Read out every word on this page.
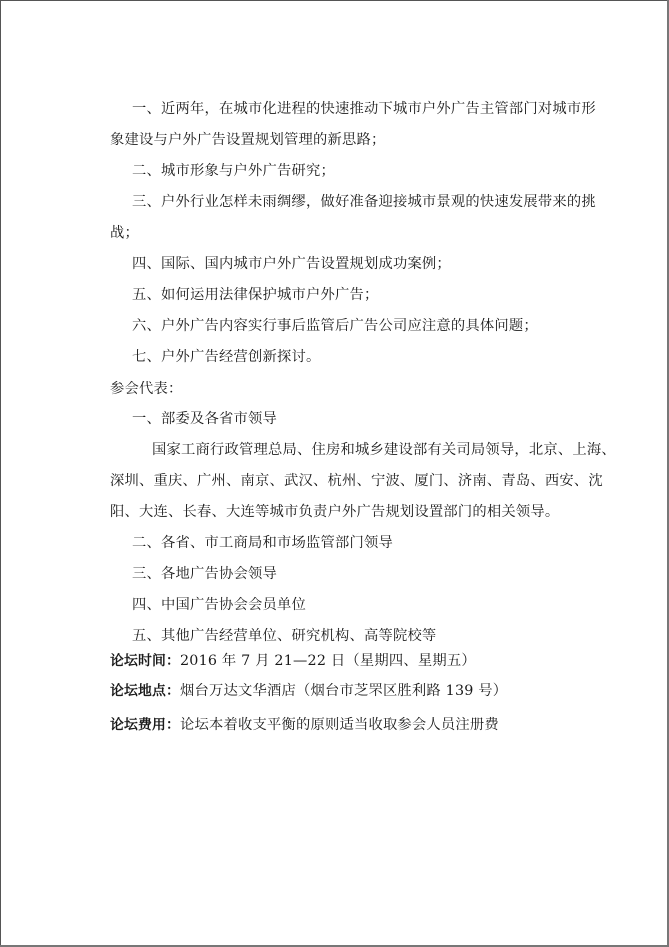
一、近两年，在城市化进程的快速推动下城市户外广告主管部门对城市形
象建设与户外广告设置规划管理的新思路；
二、城市形象与户外广告研究；
三、户外行业怎样未雨绸缪，做好准备迎接城市景观的快速发展带来的挑
战；
四、国际、国内城市户外广告设置规划成功案例；
五、如何运用法律保护城市户外广告；
六、户外广告内容实行事后监管后广告公司应注意的具体问题；
七、户外广告经营创新探讨。
参会代表：
一、部委及各省市领导
国家工商行政管理总局、住房和城乡建设部有关司局领导，北京、上海、
深圳、重庆、广州、南京、武汉、杭州、宁波、厦门、济南、青岛、西安、沈
阳、大连、长春、大连等城市负责户外广告规划设置部门的相关领导。
二、各省、市工商局和市场监管部门领导
三、各地广告协会领导
四、中国广告协会会员单位
五、其他广告经营单位、研究机构、高等院校等
论坛时间：2016 年 7 月 21—22 日（星期四、星期五）
论坛地点：烟台万达文华酒店（烟台市芝罘区胜利路 139 号）
论坛费用：论坛本着收支平衡的原则适当收取参会人员注册费
